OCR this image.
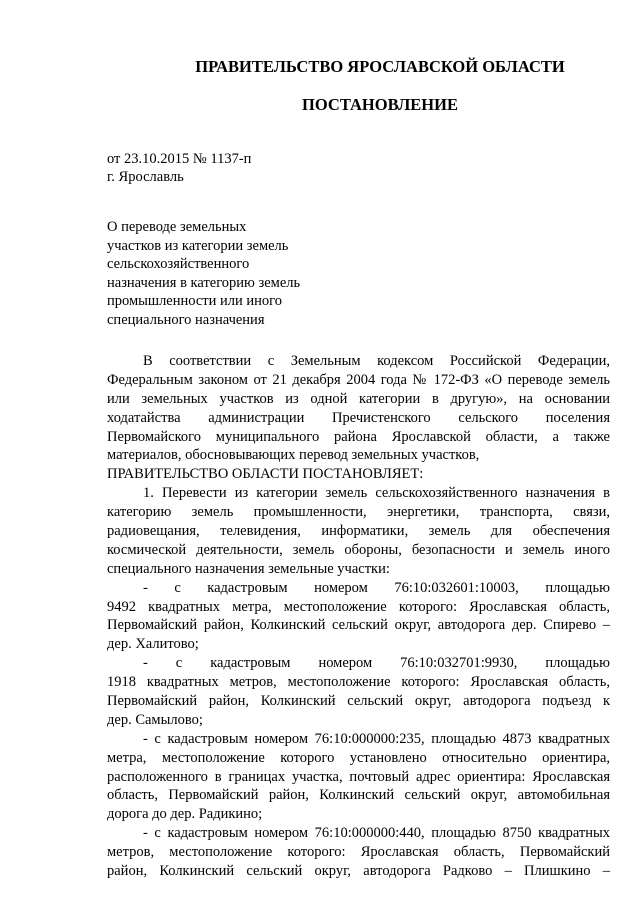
ПРАВИТЕЛЬСТВО ЯРОСЛАВСКОЙ ОБЛАСТИ
ПОСТАНОВЛЕНИЕ
от 23.10.2015 № 1137-п
г. Ярославль
О переводе земельных
участков из категории земель
сельскохозяйственного
назначения в категорию земель
промышленности или иного
специального назначения
В соответствии с Земельным кодексом Российской Федерации,
Федеральным законом от 21 декабря 2004 года № 172-ФЗ «О переводе земель
или земельных участков из одной категории в другую», на основании
ходатайства администрации Пречистенского сельского поселения
Первомайского муниципального района Ярославской области, а также
материалов, обосновывающих перевод земельных участков,
ПРАВИТЕЛЬСТВО ОБЛАСТИ ПОСТАНОВЛЯЕТ:
1. Перевести из категории земель сельскохозяйственного назначения в
категорию земель промышленности, энергетики, транспорта, связи,
радиовещания, телевидения, информатики, земель для обеспечения
космической деятельности, земель обороны, безопасности и земель иного
специального назначения земельные участки:
- с кадастровым номером 76:10:032601:10003, площадью
9492 квадратных метра, местоположение которого: Ярославская область,
Первомайский район, Колкинский сельский округ, автодорога дер. Спирево –
дер. Халитово;
- с кадастровым номером 76:10:032701:9930, площадью
1918 квадратных метров, местоположение которого: Ярославская область,
Первомайский район, Колкинский сельский округ, автодорога подъезд к
дер. Самылово;
- с кадастровым номером 76:10:000000:235, площадью 4873 квадратных
метра, местоположение которого установлено относительно ориентира,
расположенного в границах участка, почтовый адрес ориентира: Ярославская
область, Первомайский район, Колкинский сельский округ, автомобильная
дорога до дер. Радикино;
- с кадастровым номером 76:10:000000:440, площадью 8750 квадратных
метров, местоположение которого: Ярославская область, Первомайский
район, Колкинский сельский округ, автодорога Радково – Плишкино –
